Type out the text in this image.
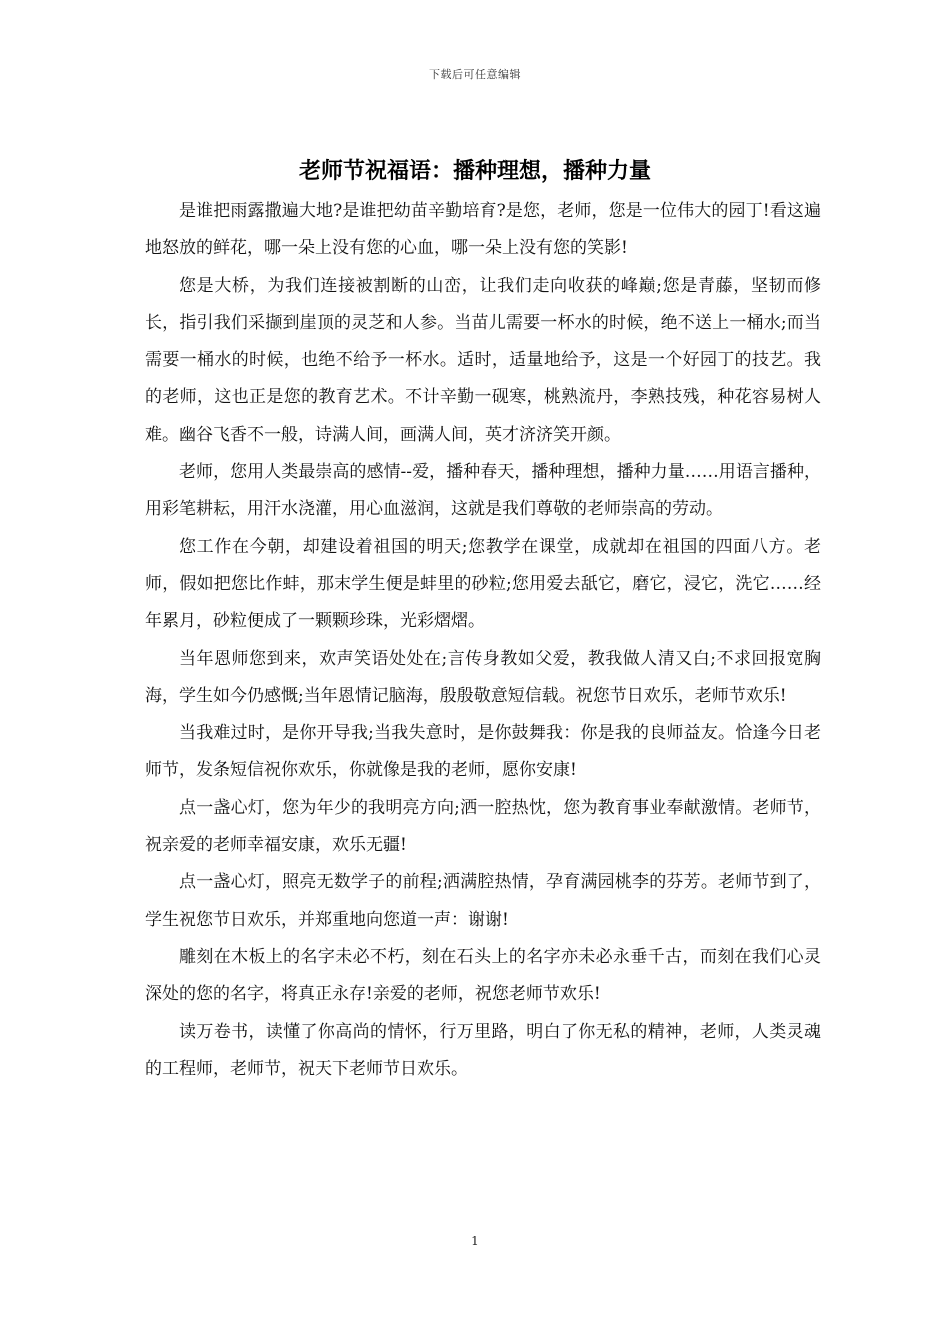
下载后可任意编辑
老师节祝福语：播种理想，播种力量

是谁把雨露撒遍大地?是谁把幼苗辛勤培育?是您，老师，您是一位伟大的园丁!看这遍地怒放的鲜花，哪一朵上没有您的心血，哪一朵上没有您的笑影!

您是大桥，为我们连接被割断的山峦，让我们走向收获的峰巅;您是青藤，坚韧而修长，指引我们采撷到崖顶的灵芝和人参。当苗儿需要一杯水的时候，绝不送上一桶水;而当需要一桶水的时候，也绝不给予一杯水。适时，适量地给予，这是一个好园丁的技艺。我的老师，这也正是您的教育艺术。不计辛勤一砚寒，桃熟流丹，李熟技残，种花容易树人难。幽谷飞香不一般，诗满人间，画满人间，英才济济笑开颜。

老师，您用人类最崇高的感情--爱，播种春天，播种理想，播种力量……用语言播种，用彩笔耕耘，用汗水浇灌，用心血滋润，这就是我们尊敬的老师崇高的劳动。

您工作在今朝，却建设着祖国的明天;您教学在课堂，成就却在祖国的四面八方。老师，假如把您比作蚌，那末学生便是蚌里的砂粒;您用爱去舐它，磨它，浸它，洗它……经年累月，砂粒便成了一颗颗珍珠，光彩熠熠。

当年恩师您到来，欢声笑语处处在;言传身教如父爱，教我做人清又白;不求回报宽胸海，学生如今仍感慨;当年恩情记脑海，殷殷敬意短信载。祝您节日欢乐，老师节欢乐!

当我难过时，是你开导我;当我失意时，是你鼓舞我：你是我的良师益友。恰逢今日老师节，发条短信祝你欢乐，你就像是我的老师，愿你安康!

点一盏心灯，您为年少的我明亮方向;洒一腔热忱，您为教育事业奉献激情。老师节，祝亲爱的老师幸福安康，欢乐无疆!

点一盏心灯，照亮无数学子的前程;洒满腔热情，孕育满园桃李的芬芳。老师节到了，学生祝您节日欢乐，并郑重地向您道一声：谢谢!

雕刻在木板上的名字未必不朽，刻在石头上的名字亦未必永垂千古，而刻在我们心灵深处的您的名字，将真正永存!亲爱的老师，祝您老师节欢乐!

读万卷书，读懂了你高尚的情怀，行万里路，明白了你无私的精神，老师，人类灵魂的工程师，老师节，祝天下老师节日欢乐。

1
